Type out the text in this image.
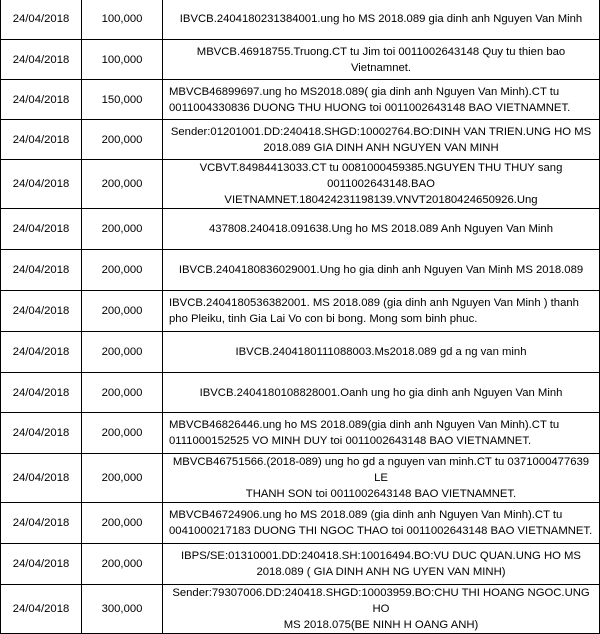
24/04/2018	100,000	IBVCB.2404180231384001.ung ho MS 2018.089 gia dinh anh Nguyen Van Minh
24/04/2018	100,000	MBVCB.46918755.Truong.CT tu Jim toi 0011002643148 Quy tu thien bao
Vietnamnet.
24/04/2018	150,000	MBVCB46899697.ung ho MS2018.089( gia dinh anh Nguyen Van Minh).CT tu
0011004330836 DUONG THU HUONG toi 0011002643148 BAO VIETNAMNET.
24/04/2018	200,000	Sender:01201001.DD:240418.SHGD:10002764.BO:DINH VAN TRIEN.UNG HO MS
2018.089 GIA DINH ANH NGUYEN VAN MINH
24/04/2018	200,000	VCBVT.84984413033.CT tu 0081000459385.NGUYEN THU THUY sang
0011002643148.BAO VIETNAMNET.180424231198139.VNVT20180424650926.Ung
24/04/2018	200,000	437808.240418.091638.Ung ho MS 2018.089 Anh Nguyen Van Minh
24/04/2018	200,000	IBVCB.2404180836029001.Ung ho gia dinh anh Nguyen Van Minh MS 2018.089
24/04/2018	200,000	IBVCB.2404180536382001. MS 2018.089 (gia dinh anh Nguyen Van Minh ) thanh
pho Pleiku, tinh Gia Lai Vo con bi bong. Mong som binh phuc.
24/04/2018	200,000	IBVCB.2404180111088003.Ms2018.089 gd a ng van minh
24/04/2018	200,000	IBVCB.2404180108828001.Oanh ung ho gia dinh anh Nguyen Van Minh
24/04/2018	200,000	MBVCB46826446.ung ho MS 2018.089(gia dinh anh Nguyen Van Minh).CT tu
0111000152525 VO MINH DUY toi 0011002643148 BAO VIETNAMNET.
24/04/2018	200,000	MBVCB46751566.(2018-089) ung ho gd a nguyen van minh.CT tu 0371000477639 LE
THANH SON toi 0011002643148 BAO VIETNAMNET.
24/04/2018	200,000	MBVCB46724906.ung ho MS 2018.089 (gia dinh anh Nguyen Van Minh).CT tu
0041000217183 DUONG THI NGOC THAO toi 0011002643148 BAO VIETNAMNET.
24/04/2018	200,000	IBPS/SE:01310001.DD:240418.SH:10016494.BO:VU DUC QUAN.UNG HO MS
2018.089 ( GIA DINH ANH NG UYEN VAN MINH)
24/04/2018	300,000	Sender:79307006.DD:240418.SHGD:10003959.BO:CHU THI HOANG NGOC.UNG HO
MS 2018.075(BE NINH H OANG ANH)
